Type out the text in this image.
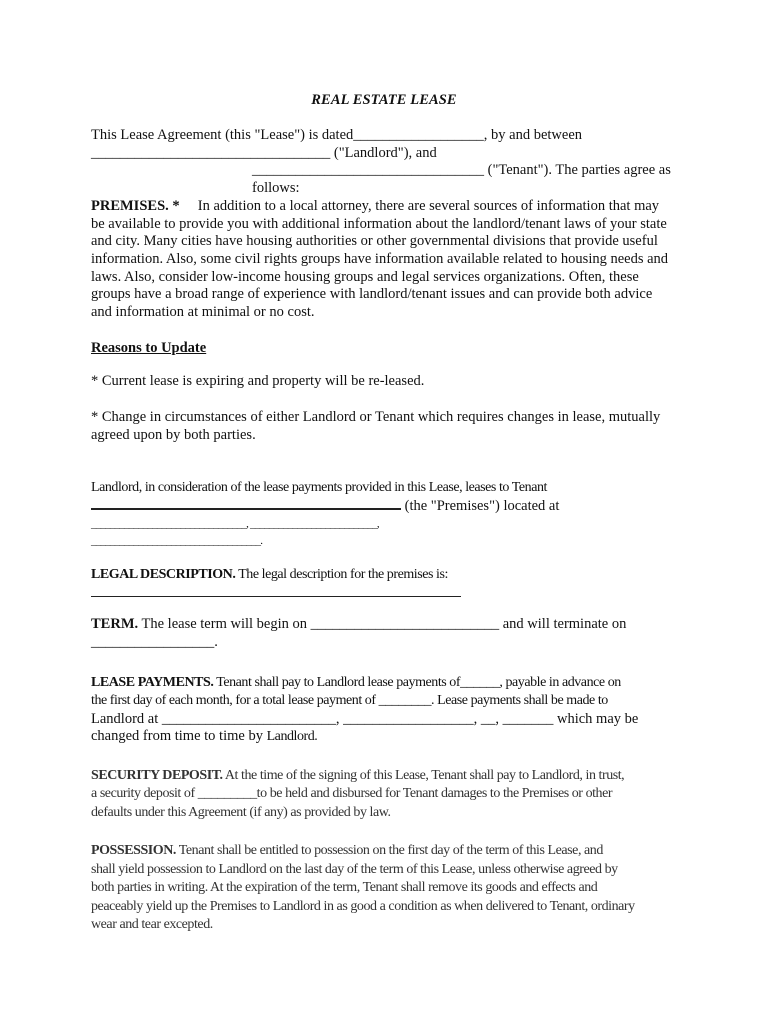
REAL ESTATE LEASE

This Lease Agreement (this "Lease") is dated__________________, by and between

_________________________________ ("Landlord"), and

________________________________ ("Tenant"). The parties agree as follows:

PREMISES. * In addition to a local attorney, there are several sources of information that may be available to provide you with additional information about the landlord/tenant laws of your state and city. Many cities have housing authorities or other governmental divisions that provide useful information. Also, some civil rights groups have information available related to housing needs and laws. Also, consider low-income housing groups and legal services organizations. Often, these groups have a broad range of experience with landlord/tenant issues and can provide both advice and information at minimal or no cost.

Reasons to Update

* Current lease is expiring and property will be re-leased.

* Change in circumstances of either Landlord or Tenant which requires changes in lease, mutually agreed upon by both parties.

Landlord, in consideration of the lease payments provided in this Lease, leases to Tenant

(the "Premises") located at

_________________________________, ___________________________,

____________________________________.

LEGAL DESCRIPTION. The legal description for the premises is:

TERM. The lease term will begin on __________________________ and will terminate on

_________________.

LEASE PAYMENTS. Tenant shall pay to Landlord lease payments of______, payable in advance on

the first day of each month, for a total lease payment of ________. Lease payments shall be made to

Landlord at ________________________, __________________, __, _______ which may be

changed from time to time by Landlord.

SECURITY DEPOSIT. At the time of the signing of this Lease, Tenant shall pay to Landlord, in trust,

a security deposit of _________to be held and disbursed for Tenant damages to the Premises or other

defaults under this Agreement (if any) as provided by law.

POSSESSION. Tenant shall be entitled to possession on the first day of the term of this Lease, and

shall yield possession to Landlord on the last day of the term of this Lease, unless otherwise agreed by

both parties in writing. At the expiration of the term, Tenant shall remove its goods and effects and

peaceably yield up the Premises to Landlord in as good a condition as when delivered to Tenant, ordinary

wear and tear excepted.
